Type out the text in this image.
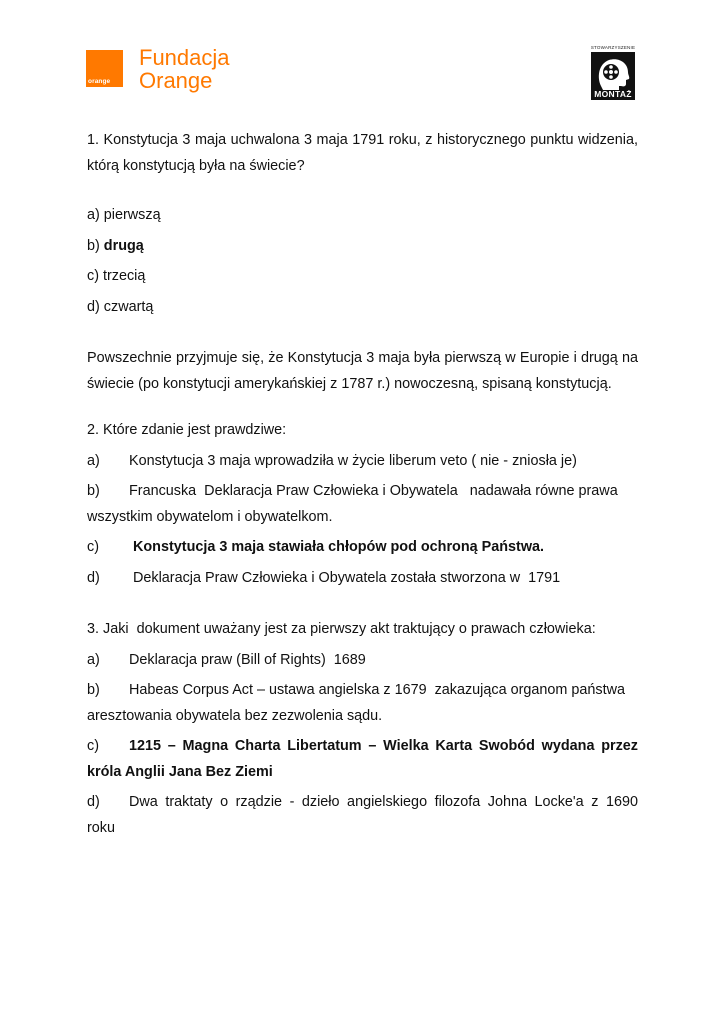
orange
Fundacja
Orange
STOWARZYSZENIE
MONTAŻ

1. Konstytucja 3 maja uchwalona 3 maja 1791 roku, z historycznego punktu widzenia, którą konstytucją była na świecie?

a) pierwszą

b) drugą

c) trzecią

d) czwartą

Powszechnie przyjmuje się, że Konstytucja 3 maja była pierwszą w Europie i drugą na świecie (po konstytucji amerykańskiej z 1787 r.) nowoczesną, spisaną konstytucją.

2. Które zdanie jest prawdziwe:

a)	Konstytucja 3 maja wprowadziła w życie liberum veto ( nie - zniosła je)
b)	Francuska  Deklaracja Praw Człowieka i Obywatela   nadawała równe prawa

wszystkim obywatelom i obywatelkom.

c)	Konstytucja 3 maja stawiała chłopów pod ochroną Państwa.
d)	Deklaracja Praw Człowieka i Obywatela została stworzona w  1791

3. Jaki  dokument uważany jest za pierwszy akt traktujący o prawach człowieka:

a)	Deklaracja praw (Bill of Rights)  1689
b)	Habeas Corpus Act – ustawa angielska z 1679  zakazująca organom państwa

aresztowania obywatela bez zezwolenia sądu.

c)	1215 – Magna Charta Libertatum – Wielka Karta Swobód wydana przez

króla Anglii Jana Bez Ziemi

d)	Dwa traktaty o rządzie - dzieło angielskiego filozofa Johna Locke'a z 1690

roku
